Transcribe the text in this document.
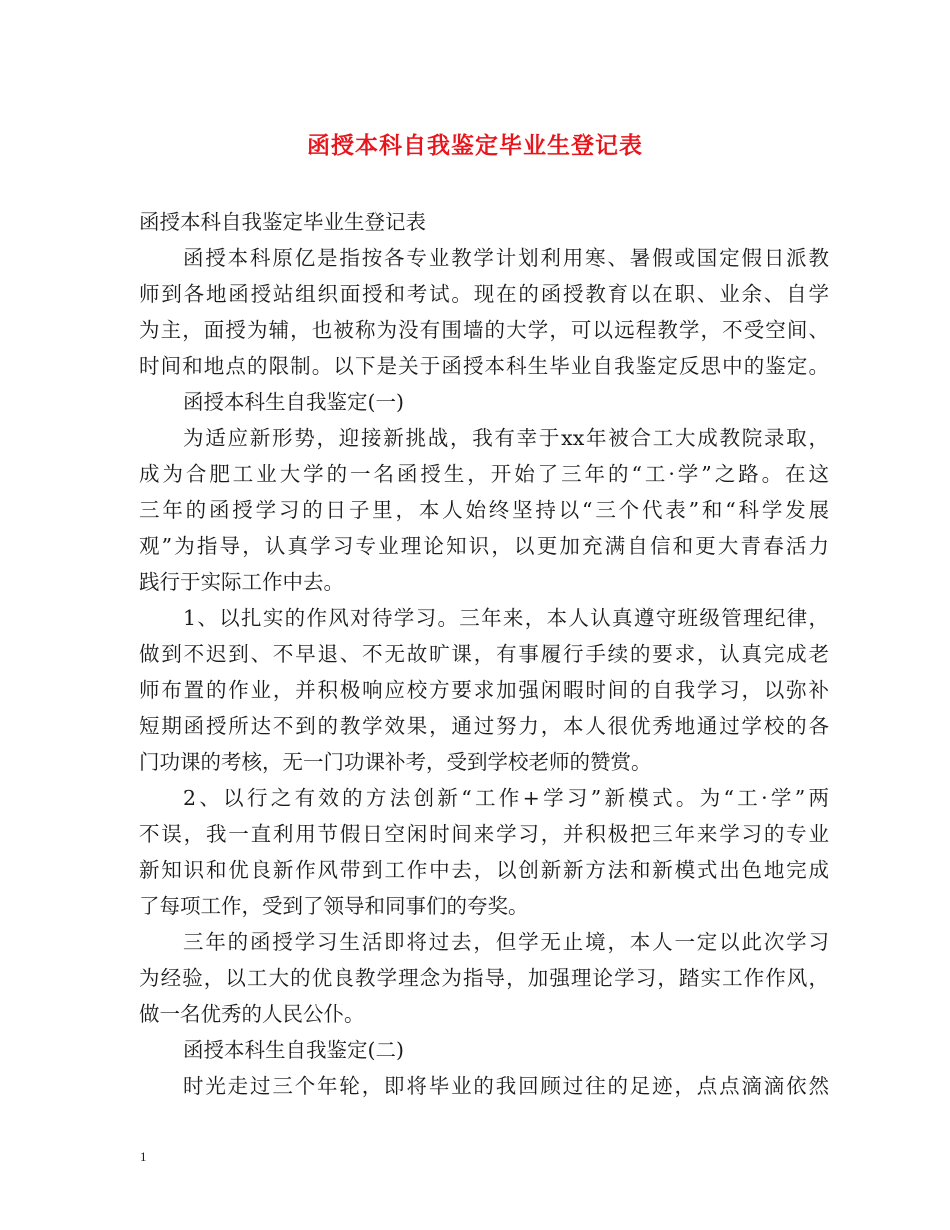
函授本科自我鉴定毕业生登记表
函授本科自我鉴定毕业生登记表
函授本科原亿是指按各专业教学计划利用寒、暑假或国定假日派教
师到各地函授站组织面授和考试。现在的函授教育以在职、业余、自学
为主，面授为辅，也被称为没有围墙的大学，可以远程教学，不受空间、
时间和地点的限制。以下是关于函授本科生毕业自我鉴定反思中的鉴定。
函授本科生自我鉴定(一)
为适应新形势，迎接新挑战，我有幸于xx年被合工大成教院录取，
成为合肥工业大学的一名函授生，开始了三年的“工·学”之路。在这
三年的函授学习的日子里，本人始终坚持以“三个代表”和“科学发展
观”为指导，认真学习专业理论知识，以更加充满自信和更大青春活力
践行于实际工作中去。
1、以扎实的作风对待学习。三年来，本人认真遵守班级管理纪律，
做到不迟到、不早退、不无故旷课，有事履行手续的要求，认真完成老
师布置的作业，并积极响应校方要求加强闲暇时间的自我学习，以弥补
短期函授所达不到的教学效果，通过努力，本人很优秀地通过学校的各
门功课的考核，无一门功课补考，受到学校老师的赞赏。
2、以行之有效的方法创新“工作+学习”新模式。为“工·学”两
不误，我一直利用节假日空闲时间来学习，并积极把三年来学习的专业
新知识和优良新作风带到工作中去，以创新新方法和新模式出色地完成
了每项工作，受到了领导和同事们的夸奖。
三年的函授学习生活即将过去，但学无止境，本人一定以此次学习
为经验，以工大的优良教学理念为指导，加强理论学习，踏实工作作风，
做一名优秀的人民公仆。
函授本科生自我鉴定(二)
时光走过三个年轮，即将毕业的我回顾过往的足迹，点点滴滴依然
1
